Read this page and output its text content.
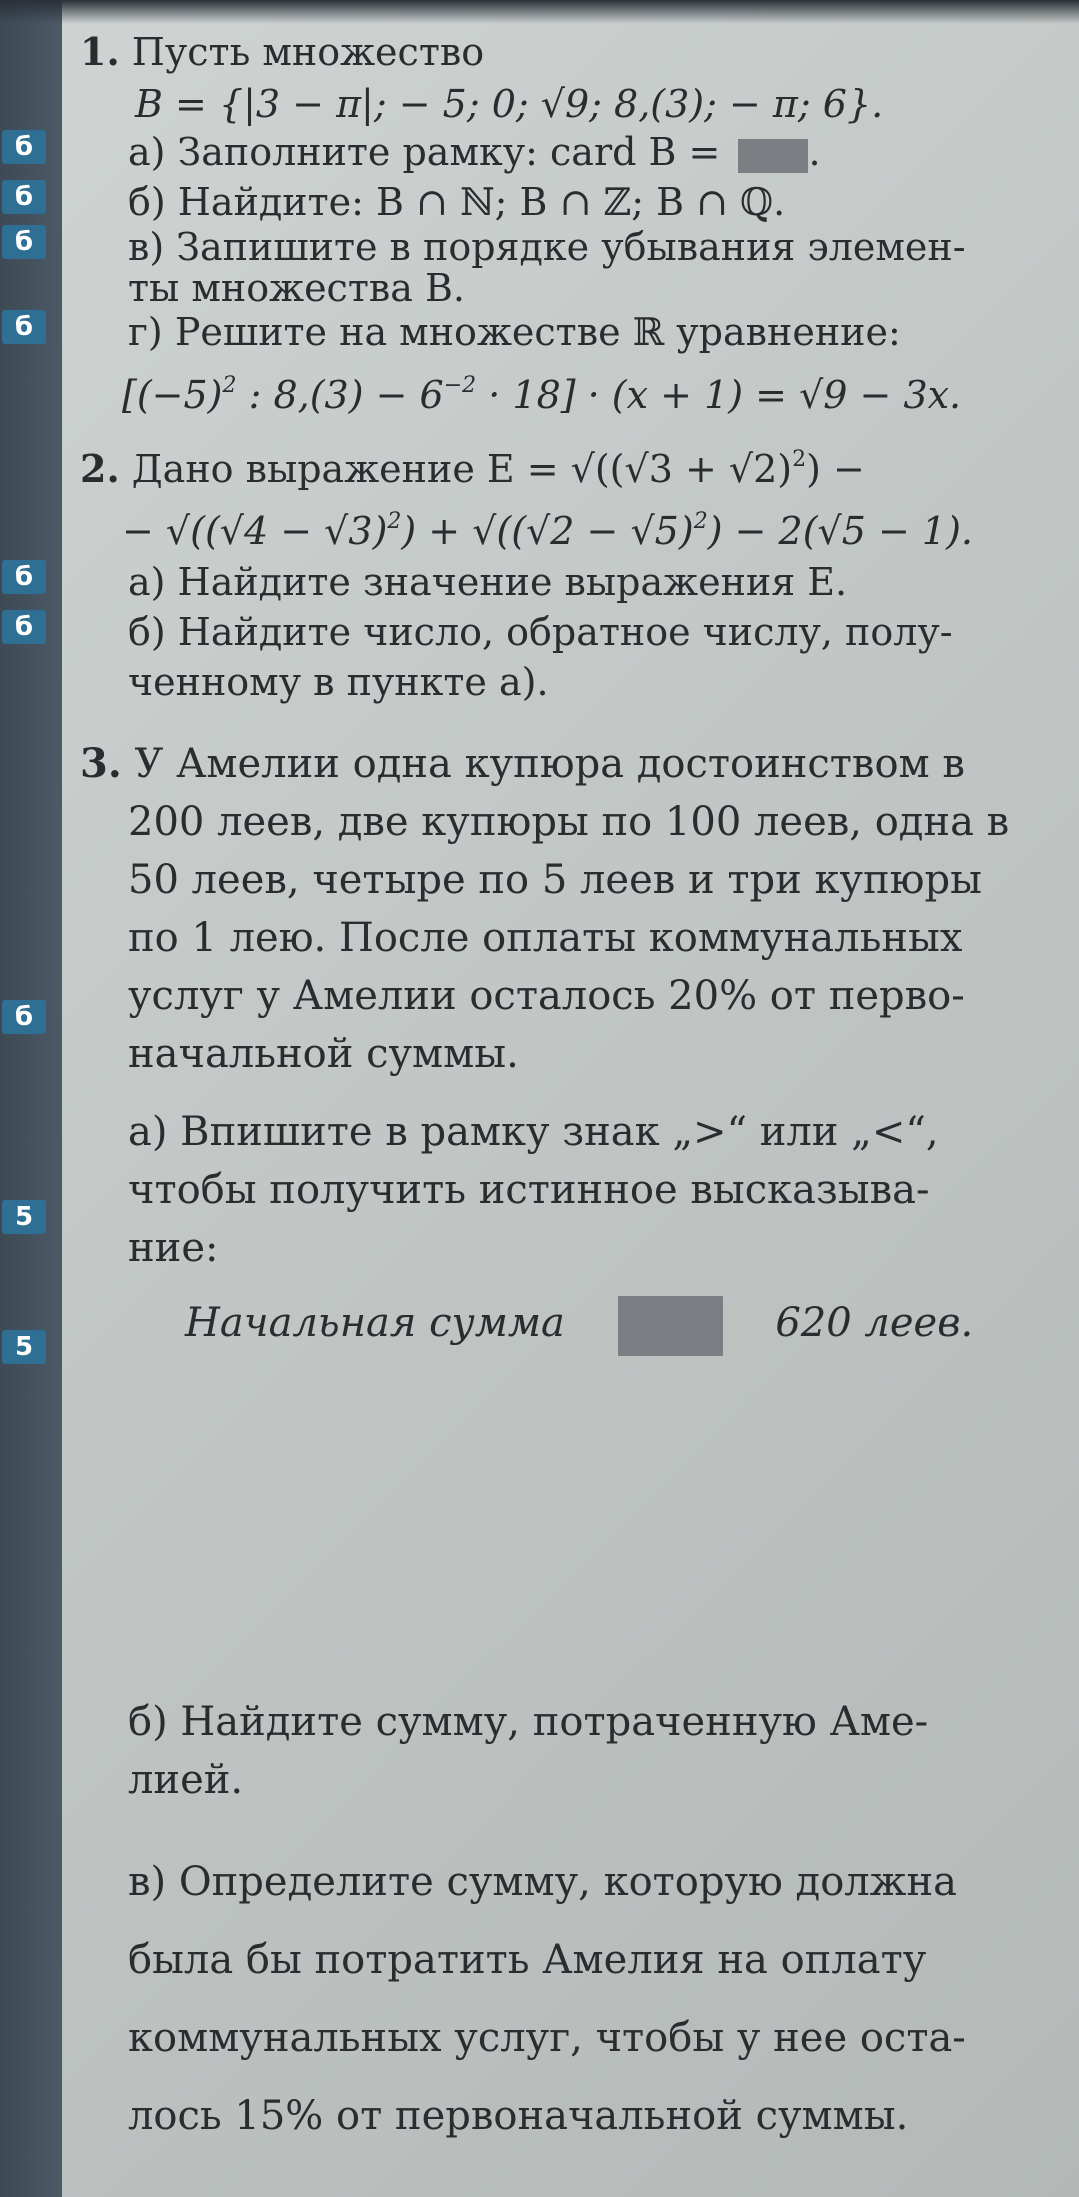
б
б
б
б
б
б
б
5
5
1. Пусть множество
B = {|3 − π|; − 5; 0; √9; 8,(3); − π; 6}.
а) Заполните рамку: card B = .
б) Найдите: B ∩ ℕ; B ∩ ℤ; B ∩ ℚ.
в) Запишите в порядке убывания элемен-
ты множества B.
г) Решите на множестве ℝ уравнение:
[$(-5)^2$ : $8,(3) - 6^{-2} \cdot 18] \cdot (x + 1) = √9 - 3x$.
2. Дано выражение $E = √((√3 + √2)^2)$ −
− $√((√4 - √3)^2) + √((√2 - √5)^2) - 2(√5 - 1)$.
а) Найдите значение выражения E.
б) Найдите число, обратное числу, полу-
ченному в пункте а).
3. У Амелии одна купюра достоинством в
200 леев, две купюры по 100 леев, одна в
50 леев, четыре по 5 леев и три купюры
по 1 лею. После оплаты коммунальных
услуг у Амелии осталось 20% от перво-
начальной суммы.
а) Впишите в рамку знак „>“ или „<“,
чтобы получить истинное высказыва-
ние:
Начальная сумма	620 леев.
б) Найдите сумму, потраченную Аме-
лией.
в) Определите сумму, которую должна
была бы потратить Амелия на оплату
коммунальных услуг, чтобы у нее оста-
лось 15% от первоначальной суммы.
